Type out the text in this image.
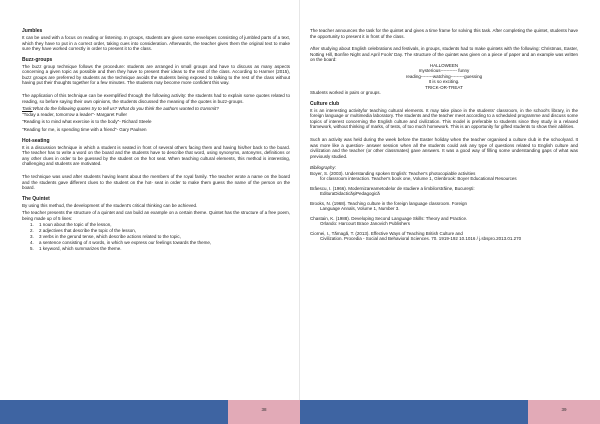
Jumbles

It can be used with a focus on reading or listening. In groups, students are given some envelopes consisting of jumbled parts of a text, which they have to put in a correct order, taking cues into consideration. Afterwards, the teacher gives them the original text to make sure they have worked correctly in order to present it to the class.

Buzz-groups

The buzz group technique follows the procedure: students are arranged in small groups and have to discuss as many aspects concerning a given topic as possible and then they have to present their ideas to the rest of the class. According to Harmer (2015), buzz groups are preferred by students as the technique avoids the students being exposed to talking to the rest of the class without having put their thoughts together for a few minutes. The students may become more confident this way.

The application of this technique can be exemplified through the following activity: the students had to explain some quotes related to reading, so before saying their own opinions, the students discussed the meaning of the quotes in buzz-groups.

Task:What do the following quotes try to tell us? What do you think the authors wanted to transmit?

"Today a reader, tomorrow a leader"- Margaret Fuller

"Reading is to mind what exercise is to the body"- Richard Steele

"Reading for me, is spending time with a friend"- Gary Paulsen

Hot-seating

It is a discussion technique in which a student is seated in front of several others facing them and having his/her back to the board. The teacher has to write a word on the board and the students have to describe that word, using synonyms, antonyms, definitions or any other clues in order to be guessed by the student on the hot seat. When teaching cultural elements, this method is interesting, challenging and students are motivated.

The technique was used after students having learnt about the members of the royal family. The teacher wrote a name on the board and the students gave different clues to the student on the hot- seat in order to make them guess the name of the person on the board.

The Quintet

By using this method, the development of the student's critical thinking can be achieved.

The teacher presents the structure of a quintet and can build an example on a certain theme. Quintet has the structure of a free poem, being made up of 5 lines:

1.	1 noun about the topic of the lesson,
2.	2 adjectives that describe the topic of the lesson,
3.	3 verbs in the gerund tense, which describe actions related to the topic,
4.	a sentence consisting of 4 words, in which we express our feelings towards the theme,
5.	1 keyword, which summarizes the theme.

The teacher announces the task for the quintet and gives a time frame for solving this task. After completing the quintet, students have the opportunity to present it in front of the class.

After studying about English celebrations and festivals, in groups, students had to make quintets with the following: Christmas, Easter, Notting Hill, Bonfire Night and April Fools' Day. The structure of the quintet was given on a piece of paper and an example was written on the board:

HALLOWEEN

mysterious----------- funny

reading--------watching---------guessing

It is so exciting.

TRICK-OR-TREAT

Students worked in pairs or groups.

Culture club

It is an interesting activityfor teaching cultural elements. It may take place in the students' classroom, in the school's library, in the foreign language or multimedia laboratory. The students and the teacher meet according to a scheduled programme and discuss some topics of interest concerning the English culture and civilization. This model is preferable to students since they study in a relaxed framework, without thinking of marks, of tests, of too much homework. This is an opportunity for gifted students to show their abilities.

Such an activity was held during the week before the Easter holiday when the teacher organised a culture club in the schoolyard. It was more like a question- answer session when all the students could ask any type of questions related to English culture and civilization and the teacher (or other classmates) gave answers. It was a good way of filling some understanding gaps of what was previously studied.

Bibliography:

Boyer, S. (2003). Understanding spoken English: Teacher's photocopiable activities
for classroom interaction. Teacher's book one, Volume 1, Glenbrook: Boyer Educational Resources
Brâescu, I. (1966). Modernizareametodelor de studiere a limbilorstrăine, Bucureşti:
EdituraDidacticăşiPedagogică
Brooks, N. (1968). Teaching culture in the foreign language classroom. Foreign
Language Annals, Volume 1, Number 3.
Chastain, K. (1988). Developing Second Language Skills: Theory and Practice.
Orlando: Harcourt Brace Janovich Publishers
Ciornei, I., Tămagă, T. (2013). Effective Ways of Teaching British Culture and
Civilization. Procedia - Social and Behavioral Sciences. 70. 1919-192 10.1016 / j.sbspro.2013.01.270
38	39
